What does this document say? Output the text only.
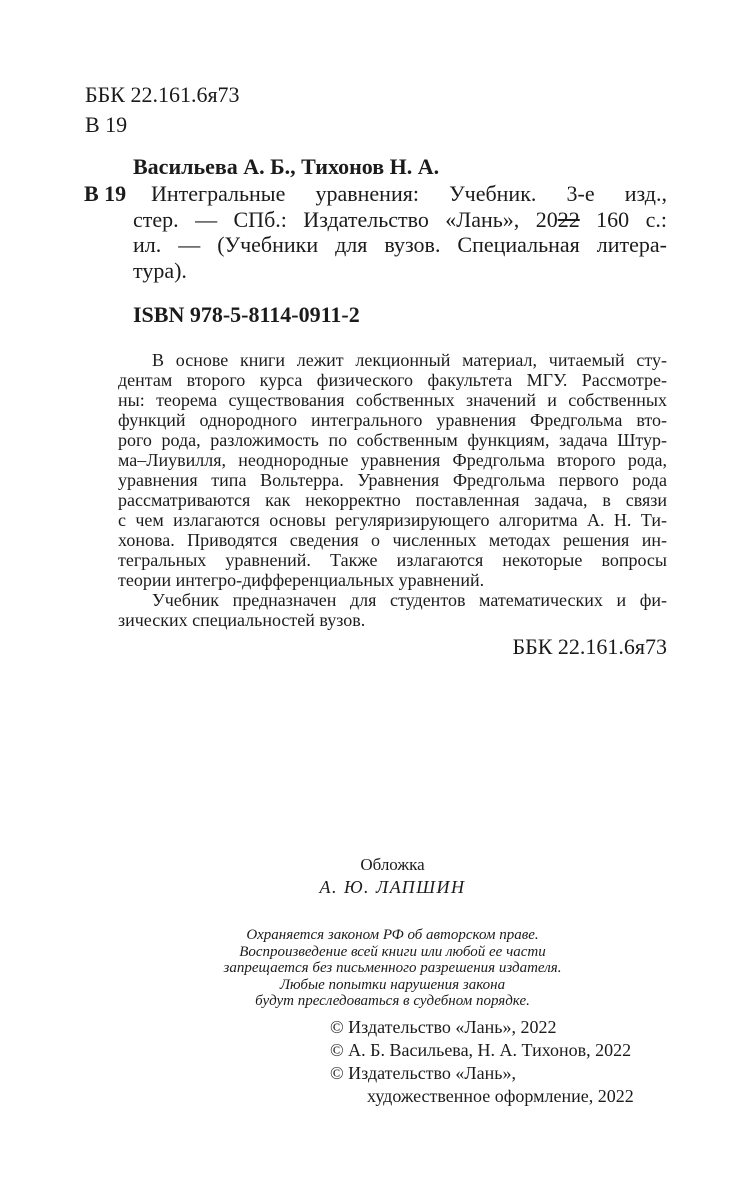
ББК 22.161.6я73
В 19
Васильева А. Б., Тихонов Н. А.
В 19	Интегральные уравнения: Учебник. 3-е изд.,
стер. — СПб.: Издательство «Лань», 2022 160 с.:
ил. — (Учебники для вузов. Специальная литера-
тура).
ISBN 978-5-8114-0911-2
В основе книги лежит лекционный материал, читаемый сту-
дентам второго курса физического факультета МГУ. Рассмотре-
ны: теорема существования собственных значений и собственных
функций однородного интегрального уравнения Фредгольма вто-
рого рода, разложимость по собственным функциям, задача Штур-
ма–Лиувилля, неоднородные уравнения Фредгольма второго рода,
уравнения типа Вольтерра. Уравнения Фредгольма первого рода
рассматриваются как некорректно поставленная задача, в связи
с чем излагаются основы регуляризирующего алгоритма А. Н. Ти-
хонова. Приводятся сведения о численных методах решения ин-
тегральных уравнений. Также излагаются некоторые вопросы
теории интегро-дифференциальных уравнений.
Учебник предназначен для студентов математических и фи-
зических специальностей вузов.
ББК 22.161.6я73
Обложка
А. Ю. ЛАПШИН
Охраняется законом РФ об авторском праве.
Воспроизведение всей книги или любой ее части
запрещается без письменного разрешения издателя.
Любые попытки нарушения закона
будут преследоваться в судебном порядке.
© Издательство «Лань», 2022
© А. Б. Васильева, Н. А. Тихонов, 2022
© Издательство «Лань»,
художественное оформление, 2022
